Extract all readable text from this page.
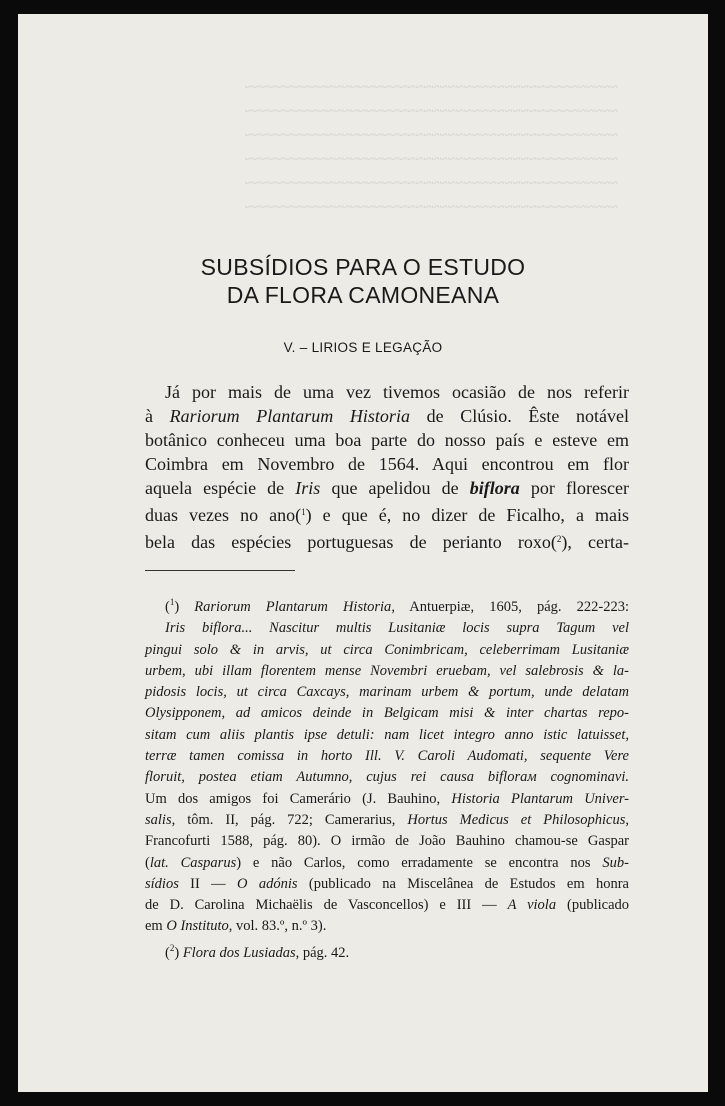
~~~~~~~~~~~~~~~~~~~~~~~~~~~~~~~~~~~~~~~~~~~~~~
~~~~~~~~~~~~~~~~~~~~~~~~~~~~~~~~~~~~~~~~~~~~~~
~~~~~~~~~~~~~~~~~~~~~~~~~~~~~~~~~~~~~~~~~~~~~~
~~~~~~~~~~~~~~~~~~~~~~~~~~~~~~~~~~~~~~~~~~~~~~
~~~~~~~~~~~~~~~~~~~~~~~~~~~~~~~~~~~~~~~~~~~~~~
~~~~~~~~~~~~~~~~~~~~~~~~~~~~~~~~~~~~~~~~~~~~~~
SUBSÍDIOS PARA O ESTUDO
DA FLORA CAMONEANA
V. – LIRIOS E LEGAÇÃO
Já por mais de uma vez tivemos ocasião de nos referir
à Rariorum Plantarum Historia de Clúsio. Êste notável
botânico conheceu uma boa parte do nosso país e esteve em
Coimbra em Novembro de 1564. Aqui encontrou em flor
aquela espécie de Iris que apelidou de biflora por florescer
duas vezes no ano($^1$) e que é, no dizer de Ficalho, a mais
bela das espécies portuguesas de perianto roxo($^2$), certa-
($^1$) Rariorum Plantarum Historia, Antuerpiæ, 1605, pág. 222-223:
Iris biflora... Nascitur multis Lusitaniæ locis supra Tagum vel
pingui solo & in arvis, ut circa Conimbricam, celeberrimam Lusitaniæ
urbem, ubi illam florentem mense Novembri eruebam, vel salebrosis & la-
pidosis locis, ut circa Caxcays, marinam urbem & portum, unde delatam
Olysipponem, ad amicos deinde in Belgicam misi & inter chartas repo-
sitam cum aliis plantis ipse detuli: nam licet integro anno istic latuisset,
terræ tamen comissa in horto Ill. V. Caroli Audomati, sequente Vere
floruit, postea etiam Autumno, cujus rei causa biflorам cognominavi.
Um dos amigos foi Camerário (J. Bauhino, Historia Plantarum Univer-
salis, tôm. II, pág. 722; Camerarius, Hortus Medicus et Philosophicus,
Francofurti 1588, pág. 80). O irmão de João Bauhino chamou-se Gaspar
(lat. Casparus) e não Carlos, como erradamente se encontra nos Sub-
sídios II — O adónis (publicado na Miscelânea de Estudos em honra
de D. Carolina Michaëlis de Vasconcellos) e III — A viola (publicado
em O Instituto, vol. 83.º, n.º 3).
($^2$) Flora dos Lusiadas, pág. 42.
